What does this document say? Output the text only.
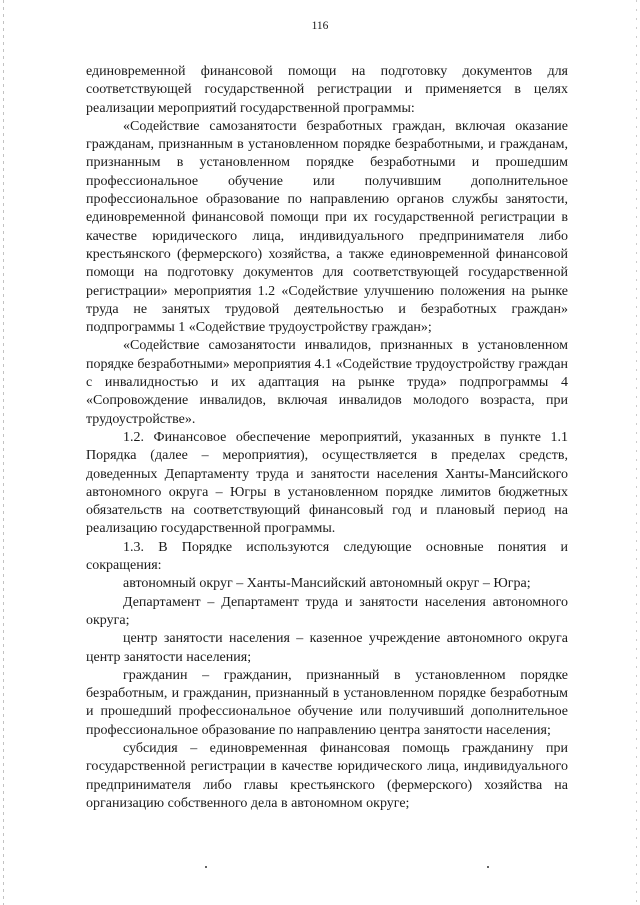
116

единовременной финансовой помощи на подготовку документов для соответствующей государственной регистрации и применяется в целях реализации мероприятий государственной программы:

«Содействие самозанятости безработных граждан, включая оказание гражданам, признанным в установленном порядке безработными, и гражданам, признанным в установленном порядке безработными и прошедшим профессиональное обучение или получившим дополнительное профессиональное образование по направлению органов службы занятости, единовременной финансовой помощи при их государственной регистрации в качестве юридического лица, индивидуального предпринимателя либо крестьянского (фермерского) хозяйства, а также единовременной финансовой помощи на подготовку документов для соответствующей государственной регистрации» мероприятия 1.2 «Содействие улучшению положения на рынке труда не занятых трудовой деятельностью и безработных граждан» подпрограммы 1 «Содействие трудоустройству граждан»;

«Содействие самозанятости инвалидов, признанных в установленном порядке безработными» мероприятия 4.1 «Содействие трудоустройству граждан с инвалидностью и их адаптация на рынке труда» подпрограммы 4 «Сопровождение инвалидов, включая инвалидов молодого возраста, при трудоустройстве».

1.2. Финансовое обеспечение мероприятий, указанных в пункте 1.1 Порядка (далее – мероприятия), осуществляется в пределах средств, доведенных Департаменту труда и занятости населения Ханты-Мансийского автономного округа – Югры в установленном порядке лимитов бюджетных обязательств на соответствующий финансовый год и плановый период на реализацию государственной программы.

1.3. В Порядке используются следующие основные понятия и сокращения:

автономный округ – Ханты-Мансийский автономный округ – Югра;

Департамент – Департамент труда и занятости населения автономного округа;

центр занятости населения – казенное учреждение автономного округа центр занятости населения;

гражданин – гражданин, признанный в установленном порядке безработным, и гражданин, признанный в установленном порядке безработным и прошедший профессиональное обучение или получивший дополнительное профессиональное образование по направлению центра занятости населения;

субсидия – единовременная финансовая помощь гражданину при государственной регистрации в качестве юридического лица, индивидуального предпринимателя либо главы крестьянского (фермерского) хозяйства на организацию собственного дела в автономном округе;
